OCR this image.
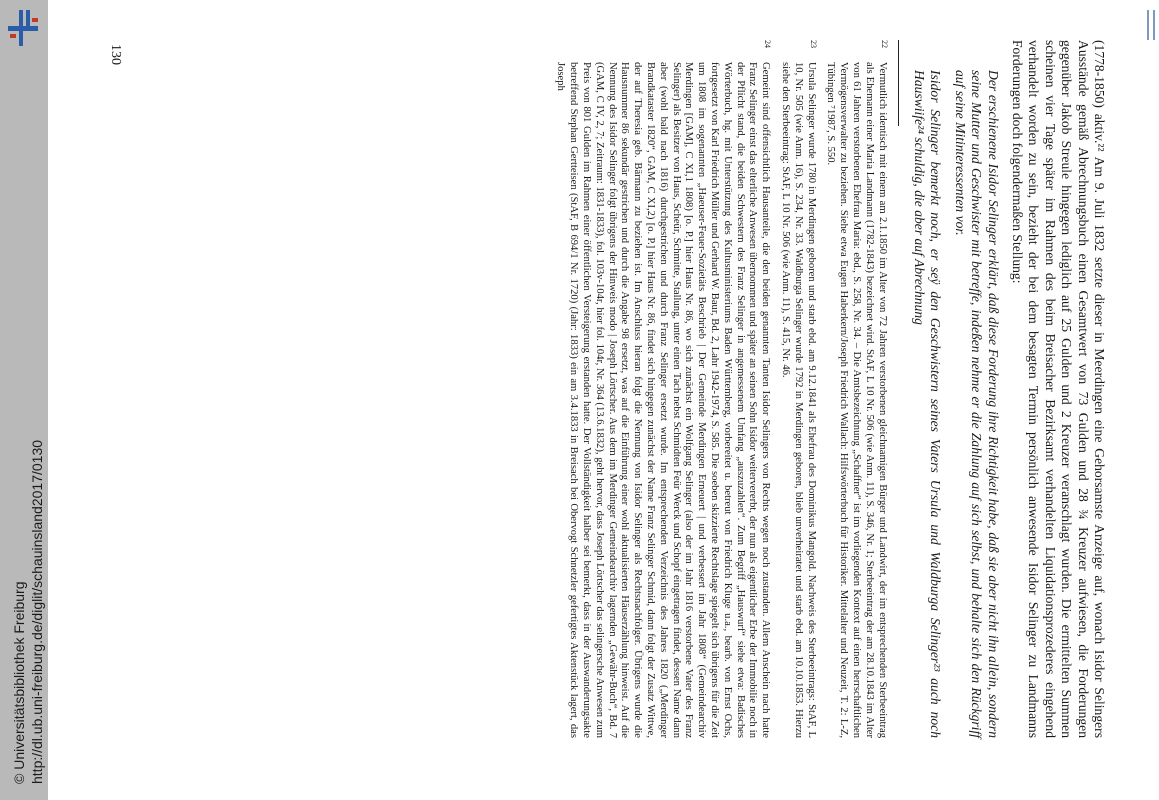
http://dl.ub.uni-freiburg.de/diglit/schauinsland2017/0130
© Universitätsbibliothek Freiburg	(1778-1850) aktiv.²² Am 9. Juli 1832 setzte dieser in Meerdingen eine Gehorsamste Anzeige auf, wonach Isidor Selingers Ausstände gemäß Abrechnungsbuch einen Gesamtwert von 73 Gulden und 28 ¾ Kreuzer aufwiesen, die Forderungen gegenüber Jakob Streule hingegen lediglich auf 25 Gulden und 2 Kreuzer veranschlagt wurden. Die ermittelten Summen scheinen vier Tage später im Rahmen des beim Breisacher Bezirksamt verhandelten Liquidationsprozederes eingehend verhandelt worden zu sein, bezieht der bei dem besagten Termin persönlich anwesende Isidor Selinger zu Landmanns Forderungen doch folgendermaßen Stellung:

Der erschienene Isidor Selinger erklärt, daß diese Forderung ihre Richtigkeit habe, daß sie aber nicht ihn allein, sondern seine Mutter und Geschwister mit betreffe, indeßen nehme er die Zahlung auf sich selbst, und behalte sich den Rückgriff auf seine Mitinteressenten vor.

Isidor Selinger bemerkt noch, er seÿ den Geschwistern seines Vaters Ursula und Waldburga Selinger²³ auch noch Hauswiife²⁴ schuldig, die aber auf Abrechnung

22
Vermutlich identisch mit einem am 2.1.1850 im Alter von 72 Jahren verstorbenen gleichnamigen Bürger und Landwirt, der im entsprechenden Sterbeeintrag als Ehemann einer Maria Landmann (1782-1843) bezeichnet wird. StAF, L 10 Nr. 506 (wie Anm. 11), S. 346, Nr. 1; Sterbeeintrag der am 28.10.1843 im Alter von 61 Jahren verstorbenen Ehefrau Maria: ebd., S. 258, Nr. 34. – Die Amtsbezeichnung „Schaffner“ ist im vorliegenden Kontext auf einen herrschaftlichen Vermögensverwalter zu beziehen. Siehe etwa Eugen Haberkern/Joseph Friedrich Wallach: Hilfswörterbuch für Historiker. Mittelalter und Neuzeit, T. 2: L-Z, Tübingen ⁷1987, S. 550.
23
Ursula Selinger wurde 1780 in Merdingen geboren und starb ebd. am 9.12.1841 als Ehefrau des Dominikus Mangold. Nachweis des Sterbeeintrags: StAF, L 10, Nr. 505 (wie Anm. 16), S. 234, Nr. 33. Waldburga Selinger wurde 1792 in Merdingen geboren, blieb unverheiratet und starb ebd. am 10.10.1853. Hierzu siehe den Sterbeeintrag: StAF, L 10 Nr. 506 (wie Anm. 11), S. 415, Nr. 46.
24
Gemeint sind offensichtlich Hausanteile, die den beiden genannten Tanten Isidor Selingers von Rechts wegen noch zustanden. Allem Anschein nach hatte Franz Selinger einst das elterliche Anwesen übernommen und später an seinen Sohn Isidor weitervererbt, der nun als eigentlicher Erbe der Immobilie noch in der Pflicht stand, die beiden Schwestern des Franz Selinger in angemessenem Umfang „auszuzahlen“. Zum Begriff „Hauswurf“ siehe etwa: Badisches Wörterbuch, hg. mit Unterstützung des Kultusministeriums Baden Württemberg, vorbereitet u. betreut von Friedrich Kluge u.a., bearb. von Ernst Ochs, fortgesetzt von Karl Friedrich Müller und Gerhard W. Baur, Bd. 2, Lahr 1942-1974, S. 585. Die soeben skizzierte Rechtslage spiegelt sich übrigens für die Zeit um 1808 im sogenannten „Haeuser-Feuer-Sozietäts Beschrieb | Der Gemeinde Merdingen Erneuert | und verbessert im Jahr 1808“ (Gemeindearchiv Merdingen [GAM], C XI,1 1808) [o. P.] hier Haus Nr. 86, wo sich zunächst ein Wolfgang Selinger (also der im Jahr 1816 verstorbene Vater des Franz Selinger) als Besitzer von Haus, Scheür, Schmitte, Stallung, unter einen Tach nebst Schmidten Feür Werck und Schopf eingetragen findet, dessen Name dann aber (wohl bald nach 1816) durchgestrichen und durch Franz Selinger ersetzt wurde. Im entsprechenden Verzeichnis des Jahres 1820 („Merdinger Brandkataster 1820“, GAM, C XI,2) [o. P.] hier Haus Nr. 86, findet sich hingegen zunächst der Name Franz Selinger Schmid, dann folgt der Zusatz Wittwe, der auf Theresia geb. Bärmann zu beziehen ist. Im Anschluss hieran folgt die Nennung von Isidor Selinger als Rechtsnachfolger. Übrigens wurde die Hausnummer 86 sekundär gestrichen und durch die Angabe 98 ersetzt, was auf die Einführung einer wohl aktualisierten Häuserzählung hinweist. Auf die Nennung des Isidor Selinger folgt übrigens der Hinweis modo | Joseph Lörtscher. Aus dem im Merdinger Gemeindearchiv lagernden „Gewähr-Buch“, Bd. 7 (GAM, C IV, 2, 7; Zeitraum: 1831-1833), fol. 103v-104r, hier fol. 104r, Nr. 364 (13.6.1832), geht hervor, dass Joseph Lörtscher das selingersche Anwesen zum Preis von 801 Gulden im Rahmen einer öffentlichen Versteigerung erstanden hatte. Der Vollständigkeit halber sei bemerkt, dass in der Auswanderungsakte betreffend Stephan Gertteisen (StAF, B 694/1 Nr. 1720) (Jahr: 1833) ein am 3.4.1833 in Breisach bei Obervogt Schnetzler gefertigtes Aktenstück lagert, das Joseph
130
